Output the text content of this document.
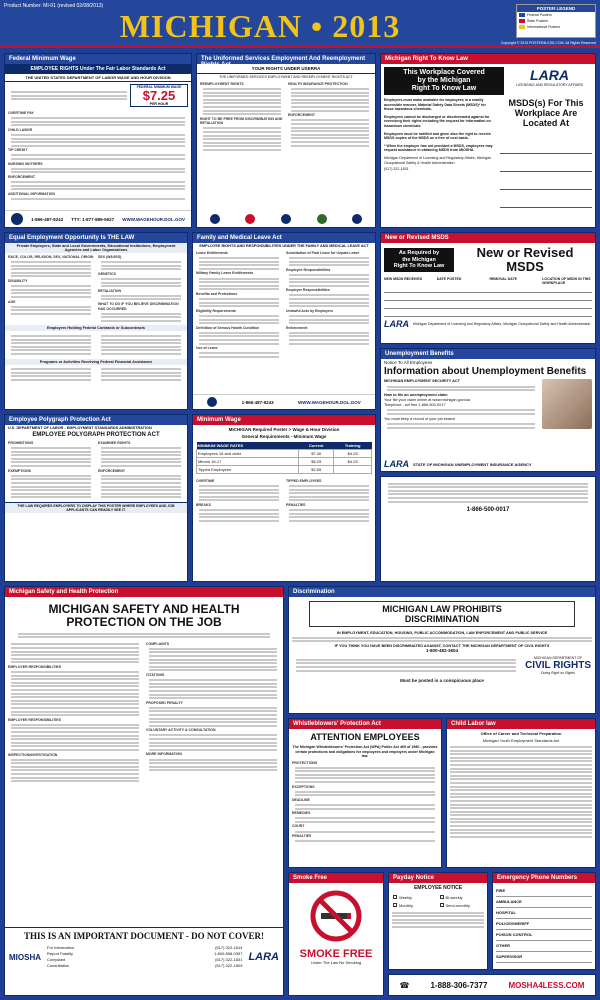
Product Number: MI-01 (revised 02/08/2013)
MICHIGAN • 2013	POSTER LEGEND
Federal Posters
State Posters
Informational Posters
Copyright © 2013 POSTER4LESS.COM. All Rights Reserved
Federal Minimum Wage
EMPLOYEE RIGHTS Under The Fair Labor Standards Act
THE UNITED STATES DEPARTMENT OF LABOR WAGE AND HOUR DIVISION
FEDERAL MINIMUM WAGE
$7.25
PER HOUR
OVERTIME PAY
CHILD LABOR
TIP CREDIT
NURSING MOTHERS
ENFORCEMENT
ADDITIONAL INFORMATION
1-866-487-9243 TTY: 1-877-889-5627 WWW.WAGEHOUR.DOL.GOV
The Uniformed Services Employment And Reemployment Rights Act
YOUR RIGHTS UNDER USERRA
THE UNIFORMED SERVICES EMPLOYMENT AND REEMPLOYMENT RIGHTS ACT
REEMPLOYMENT RIGHTS
RIGHT TO BE FREE FROM DISCRIMINATION AND RETALIATION
HEALTH INSURANCE PROTECTION
ENFORCEMENT
Michigan Right To Know Law
This Workplace Covered
by the Michigan
Right To Know Law
LARA
LICENSING AND REGULATORY AFFAIRS

Employers must make available for employees in a readily accessible manner, Material Safety Data Sheets (MSDS)* for those hazardous chemicals.

Employees cannot be discharged or discriminated against for exercising their rights including the request for information on hazardous chemicals.

Employees must be notified and given also the right to receive MSDS copies of the MSDS on a free of cost basis.

* When the employer has not provided a MSDS, employees may request assistance in obtaining MSDS from MIOSHA.

Michigan Department of Licensing and Regulatory Affairs, Michigan Occupational Safety & Health Administration

(517) 322-1831

MSDS(s) For This Workplace Are Located At
Equal Employment Opportunity Is THE LAW
Private Employers, State and Local Governments, Educational Institutions, Employment Agencies and Labor Organizations
RACE, COLOR, RELIGION, SEX, NATIONAL ORIGIN
DISABILITY
AGE
SEX (WAGES)
GENETICS
RETALIATION
WHAT TO DO IF YOU BELIEVE DISCRIMINATION HAS OCCURRED
Employers Holding Federal Contracts or Subcontracts
Programs or Activities Receiving Federal Financial Assistance
Family and Medical Leave Act
EMPLOYEE RIGHTS AND RESPONSIBILITIES UNDER THE FAMILY AND MEDICAL LEAVE ACT
Leave Entitlements
Military Family Leave Entitlements
Benefits and Protections
Eligibility Requirements
Definition of Serious Health Condition
Use of Leave
Substitution of Paid Leave for Unpaid Leave
Employee Responsibilities
Employer Responsibilities
Unlawful Acts by Employers
Enforcement
1-866-487-9243	WWW.WAGEHOUR.DOL.GOV
New or Revised MSDS
As Required by
the Michigan
Right To Know Law
New or Revised MSDS
NEW MSDS RECEIVED	DATE POSTED	REMOVAL DATE	LOCATION OF MSDS IN THIS WORKPLACE
LARA Michigan Department of Licensing and Regulatory Affairs, Michigan Occupational Safety and Health Administration
Unemployment Benefits
Notice To All Employees
Information about Unemployment Benefits
MICHIGAN EMPLOYMENT SECURITY ACT
How to file an unemployment claim
Your file your claim online at www.michigan.gov/uia
Telephone - toll free 1-866-500-0017
You must keep a record of your job search
LARA STATE OF MICHIGAN UNEMPLOYMENT INSURANCE AGENCY
Employee Polygraph Protection Act
U.S. DEPARTMENT OF LABOR - EMPLOYMENT STANDARDS ADMINISTRATION
EMPLOYEE POLYGRAPH PROTECTION ACT
PROHIBITIONS
EXEMPTIONS
EXAMINEE RIGHTS
ENFORCEMENT
THE LAW REQUIRES EMPLOYERS TO DISPLAY THIS POSTER WHERE EMPLOYEES AND JOB APPLICANTS CAN READILY SEE IT.
Minimum Wage
MICHIGAN Required Poster > Wage & Hour Division
General Requirements - Minimum Wage
MINIMUM WAGE RATES	Current	Training
Employees 18 and older	$7.40	$4.25
Minors 16-17	$6.29	$4.25
Tipped Employees	$2.65	
OVERTIME
BREAKS
TIPPED EMPLOYEES
PENALTIES
1-866-500-0017
Michigan Safety and Health Protection
MICHIGAN SAFETY AND HEALTH
PROTECTION ON THE JOB
EMPLOYER RESPONSIBILITIES
EMPLOYEE RESPONSIBILITIES
INSPECTION/INVESTIGATION
COMPLAINTS
CITATIONS
PROPOSED PENALTY
VOLUNTARY ACTIVITY & CONSULTATION
MORE INFORMATION
THIS IS AN IMPORTANT DOCUMENT - DO NOT COVER!
MIOSHA
For Information	(517) 322-1814
Report Fatality	1-800-858-0397
Complaint	(517) 322-1831
Consultation	(517) 322-1809
LARA
Discrimination
MICHIGAN LAW PROHIBITS
DISCRIMINATION
IN EMPLOYMENT, EDUCATION, HOUSING, PUBLIC ACCOMMODATION, LAW ENFORCEMENT AND PUBLIC SERVICE
IF YOU THINK YOU HAVE BEEN DISCRIMINATED AGAINST, CONTACT THE MICHIGAN DEPARTMENT OF CIVIL RIGHTS
1-800-482-3604
MICHIGAN DEPARTMENT OF
CIVIL RIGHTS
Doing Right on Rights
Must be posted in a conspicuous place
Whistleblowers' Protection Act
ATTENTION EMPLOYEES
The Michigan Whistleblowers' Protection Act (WPA) Public Act 469 of 1980 - provides certain protections and obligations for employees and employers under Michigan law.
PROTECTIONS
EXCEPTIONS
DEADLINE
REMEDIES
COURT
PENALTIES
Child Labor law
Office of Career and Technical Preparation
Michigan Youth Employment Standards Act
Smoke Free
SMOKE FREE
Under The Law No Smoking
Payday Notice
EMPLOYEE NOTICE
Weekly	Bi-weekly
Monthly	Semi-monthly
Emergency Phone Numbers
FIRE
AMBULANCE
HOSPITAL
POLICE/SHERIFF
POISON CONTROL
OTHER
SUPERVISOR
☎	1-888-306-7377	MOSHA4LESS.COM
